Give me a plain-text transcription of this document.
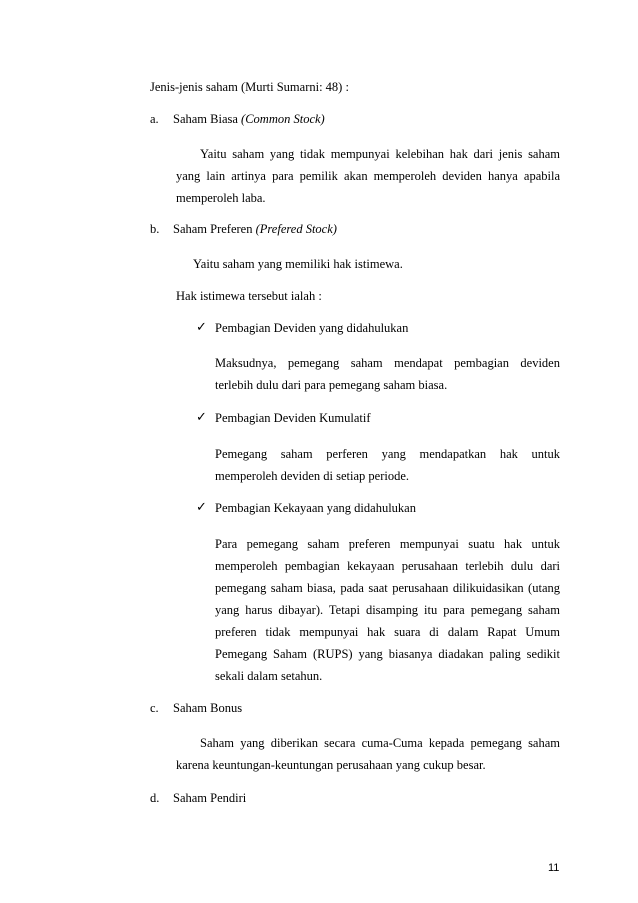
Jenis-jenis saham (Murti Sumarni: 48) :
a. Saham Biasa (Common Stock)
Yaitu saham yang tidak mempunyai kelebihan hak dari jenis saham
yang lain artinya para pemilik akan memperoleh deviden hanya apabila
memperoleh laba.
b. Saham Preferen (Prefered Stock)
Yaitu saham yang memiliki hak istimewa.
Hak istimewa tersebut ialah :
✓ Pembagian Deviden yang didahulukan
Maksudnya, pemegang saham mendapat pembagian deviden
terlebih dulu dari para pemegang saham biasa.
✓ Pembagian Deviden Kumulatif
Pemegang saham perferen yang mendapatkan hak untuk
memperoleh deviden di setiap periode.
✓ Pembagian Kekayaan yang didahulukan
Para pemegang saham preferen mempunyai suatu hak untuk
memperoleh pembagian kekayaan perusahaan terlebih dulu dari
pemegang saham biasa, pada saat perusahaan dilikuidasikan (utang
yang harus dibayar). Tetapi disamping itu para pemegang saham
preferen tidak mempunyai hak suara di dalam Rapat Umum
Pemegang Saham (RUPS) yang biasanya diadakan paling sedikit
sekali dalam setahun.
c. Saham Bonus
Saham yang diberikan secara cuma-Cuma kepada pemegang saham
karena keuntungan-keuntungan perusahaan yang cukup besar.
d. Saham Pendiri
11
